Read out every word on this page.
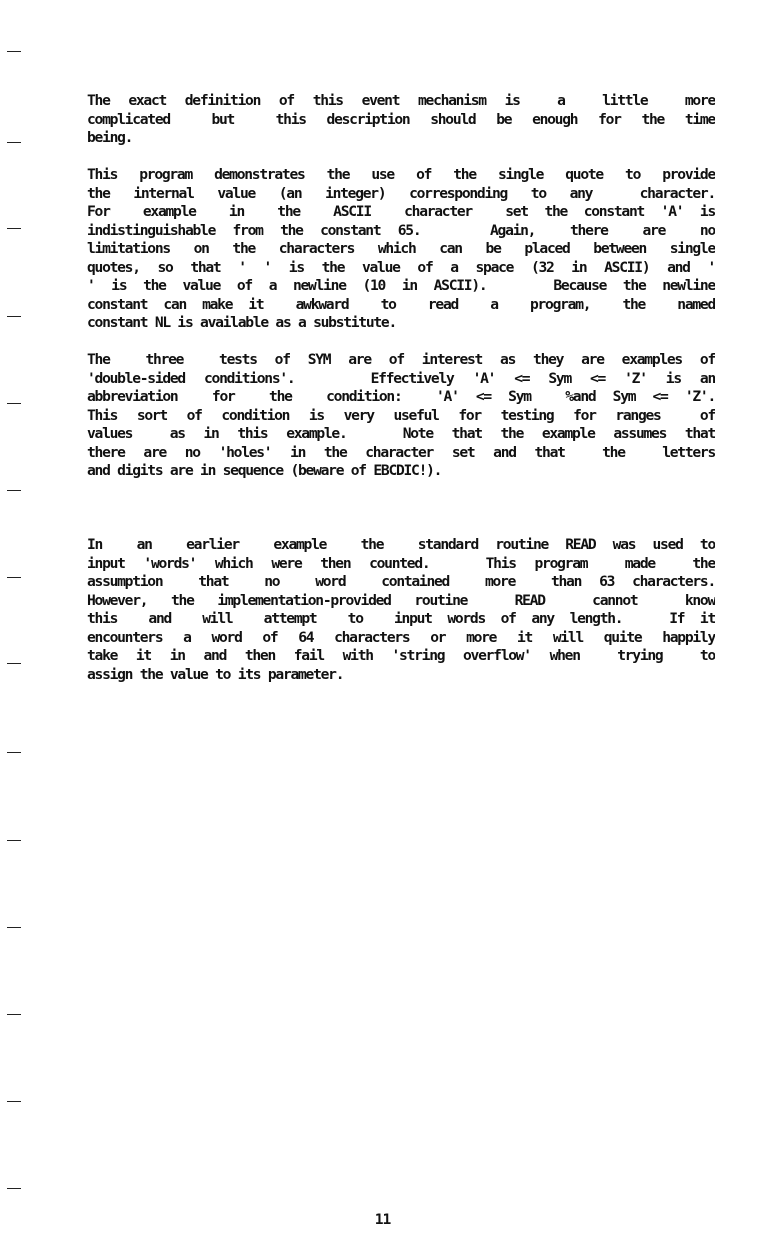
The exact definition of this event mechanism is  a  little  more
complicated  but  this description should be enough for the time
being.
This program demonstrates the use of the single quote to provide
the internal value (an integer) corresponding to any  character.
For  example  in  the  ASCII  character  set the constant 'A' is
indistinguishable from the constant 65.    Again,  there  are  no
limitations on the characters which can be placed between single
quotes, so that ' ' is the value of a space (32 in ASCII) and '
' is the value of a newline (10 in ASCII).    Because the newline
constant can make it  awkward  to  read  a  program,  the  named
constant NL is available as a substitute.
The  three  tests of SYM are of interest as they are examples of
'double-sided conditions'.    Effectively 'A' <= Sym <= 'Z' is an
abbreviation  for  the  condition:  'A' <= Sym  %and Sym <= 'Z'.
This sort of condition is very useful for testing for ranges  of
values  as in this example.   Note that the example assumes that
there are no 'holes' in the character set and that  the  letters
and digits are in sequence (beware of EBCDIC!).
In  an  earlier  example  the  standard routine READ was used to
input 'words' which were then counted.   This program  made  the
assumption  that  no  word  contained  more  than 63 characters.
However, the implementation-provided routine  READ  cannot  know
this  and  will  attempt  to  input words of any length.   If it
encounters a word of 64 characters or more it will quite happily
take it in and then fail with 'string overflow' when  trying  to
assign the value to its parameter.
11
